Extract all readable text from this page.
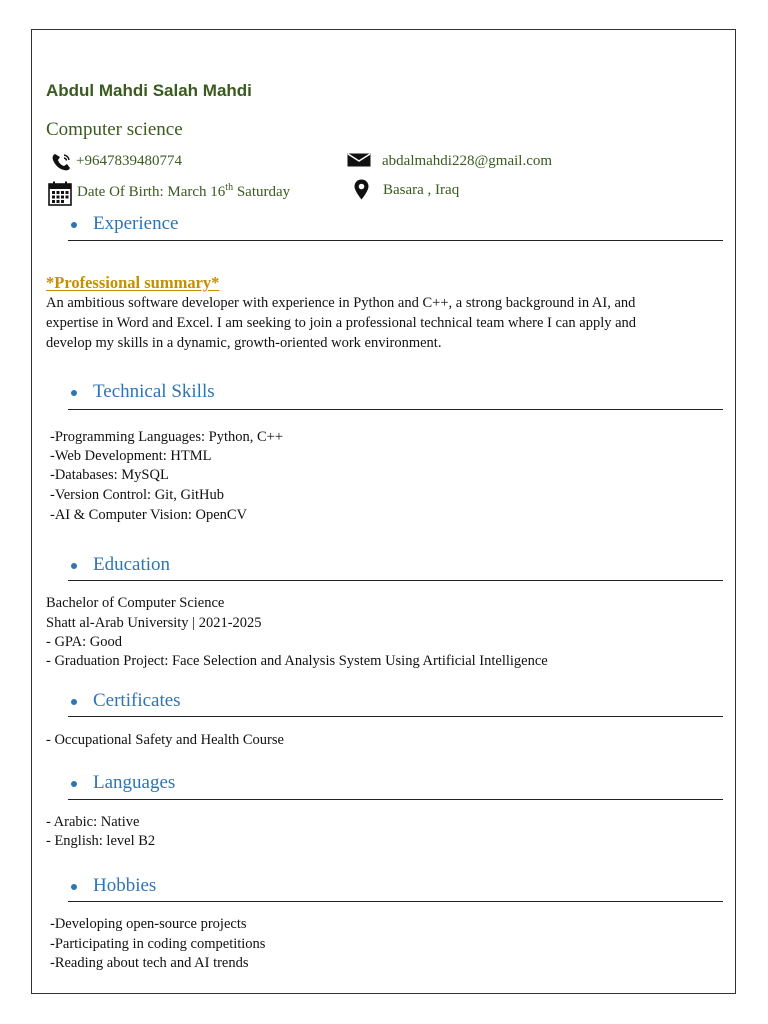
Abdul Mahdi Salah Mahdi
Computer science
+9647839480774	abdalmahdi228@gmail.com
Date Of Birth: March 16th Saturday	Basara , Iraq
Experience
*Professional summary*
An ambitious software developer with experience in Python and C++, a strong background in AI, and
expertise in Word and Excel. I am seeking to join a professional technical team where I can apply and
develop my skills in a dynamic, growth-oriented work environment.
Technical Skills
-Programming Languages: Python, C++
-Web Development: HTML
-Databases: MySQL
-Version Control: Git, GitHub
-AI & Computer Vision: OpenCV
Education
Bachelor of Computer Science
Shatt al-Arab University | 2021-2025
- GPA: Good
- Graduation Project: Face Selection and Analysis System Using Artificial Intelligence
Certificates
- Occupational Safety and Health Course
Languages
- Arabic: Native
- English: level B2
Hobbies
-Developing open-source projects
-Participating in coding competitions
-Reading about tech and AI trends
